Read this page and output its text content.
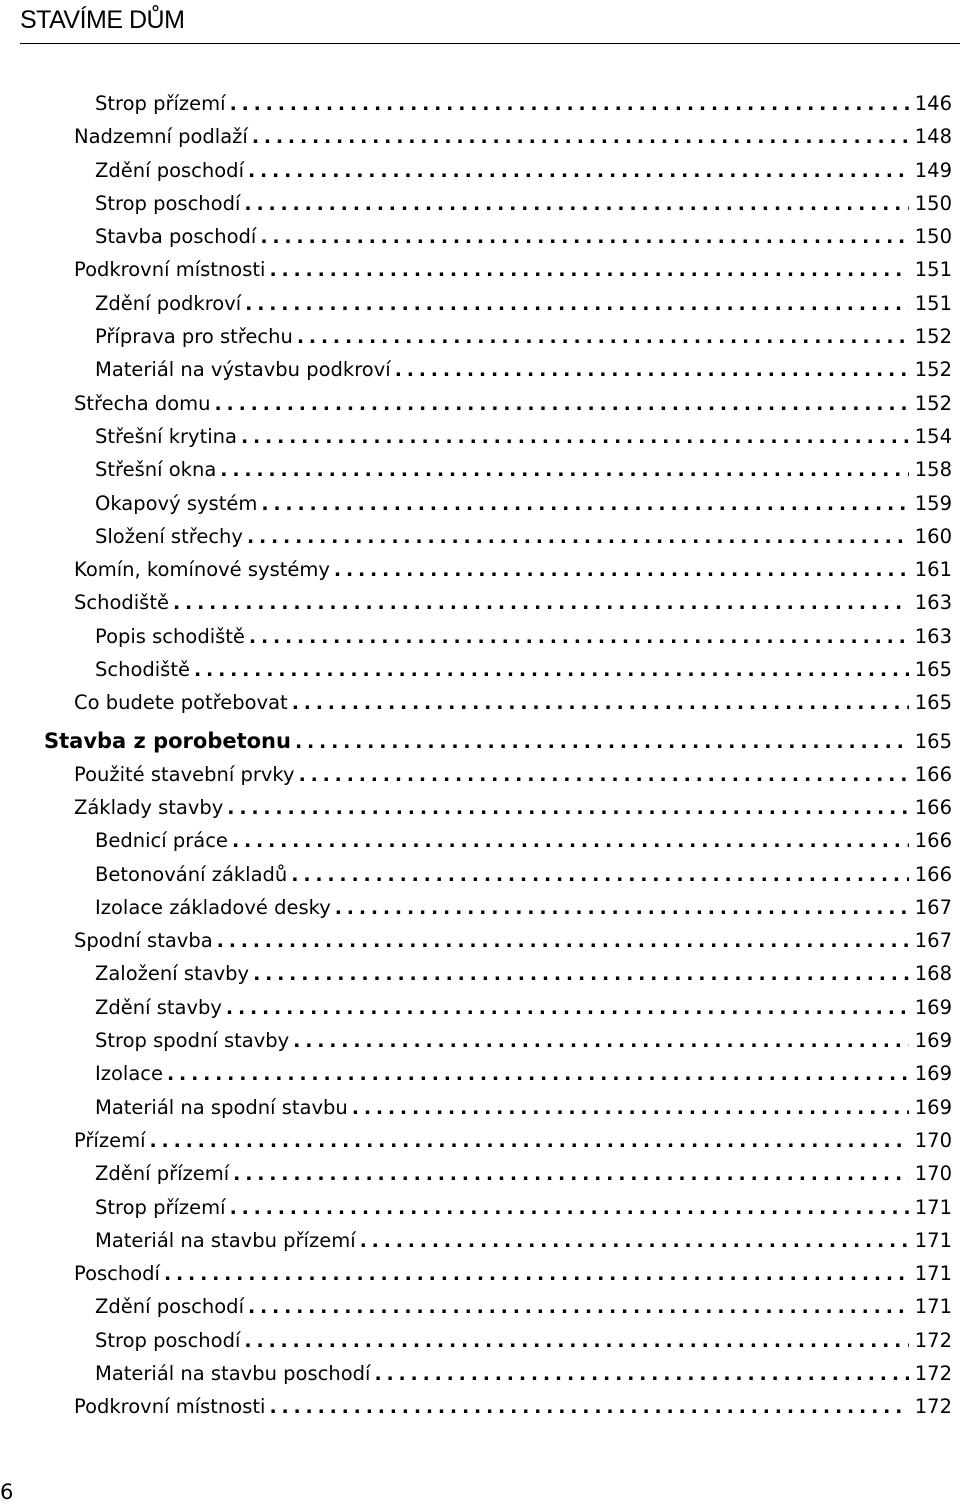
STAVÍME DŮM
Strop přízemí . . .	146
Nadzemní podlaží . . .	148
Zdění poschodí . . .	149
Strop poschodí . . .	150
Stavba poschodí . . .	150
Podkrovní místnosti . . .	151
Zdění podkroví . . .	151
Příprava pro střechu . . .	152
Materiál na výstavbu podkroví . . .	152
Střecha domu . . .	152
Střešní krytina . . .	154
Střešní okna . . .	158
Okapový systém . . .	159
Složení střechy . . .	160
Komín, komínové systémy . . .	161
Schodiště . . .	163
Popis schodiště . . .	163
Schodiště . . .	165
Co budete potřebovat . . .	165
Stavba z porobetonu . . .	165
Použité stavební prvky . . .	166
Základy stavby . . .	166
Bednicí práce . . .	166
Betonování základů . . .	166
Izolace základové desky . . .	167
Spodní stavba . . .	167
Založení stavby . . .	168
Zdění stavby . . .	169
Strop spodní stavby . . .	169
Izolace . . .	169
Materiál na spodní stavbu . . .	169
Přízemí . . .	170
Zdění přízemí . . .	170
Strop přízemí . . .	171
Materiál na stavbu přízemí . . .	171
Poschodí . . .	171
Zdění poschodí . . .	171
Strop poschodí . . .	172
Materiál na stavbu poschodí . . .	172
Podkrovní místnosti . . .	172
6
